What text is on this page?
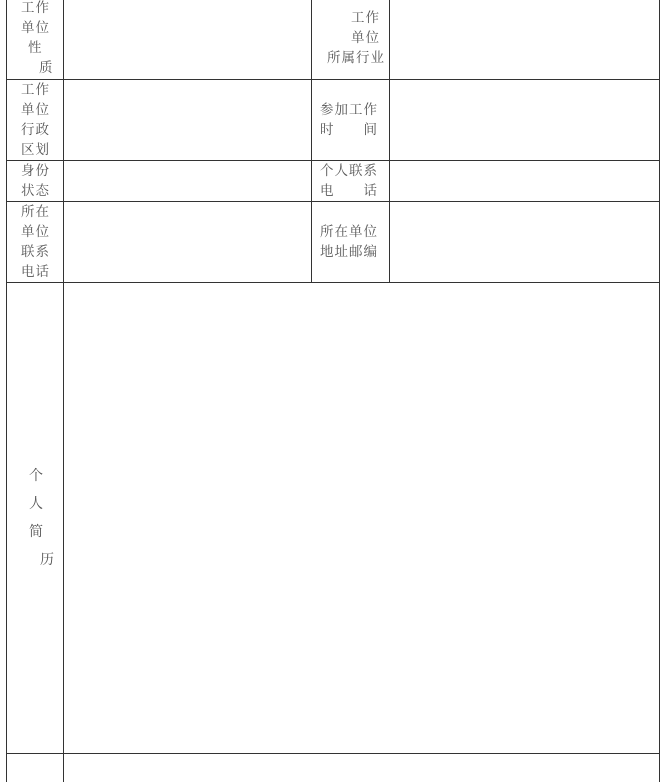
工作
单位
性
质
工作
单位
所属行业
工作
单位
行政
区划
参加工作
时　　间
身份
状态
个人联系
电　　话
所在
单位
联系
电话
所在单位
地址邮编
个
人
简
历
